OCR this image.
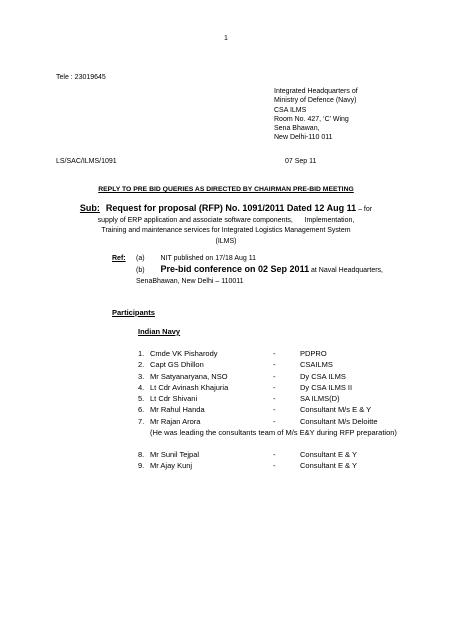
1
Tele : 23019645
Integrated Headquarters of
Ministry of Defence (Navy)
CSA ILMS
Room No. 427, ‘C’ Wing
Sena Bhawan,
New Delhi-110 011
LS/SAC/ILMS/1091	07 Sep 11
REPLY TO PRE BID QUERIES AS DIRECTED BY CHAIRMAN PRE-BID MEETING
Sub: Request for proposal (RFP) No. 1091/2011 Dated 12 Aug 11 – for
supply of ERP application and associate software components,      Implementation,
Training and maintenance services for Integrated Logistics Management System
(ILMS)
Ref: (a) NIT published on 17/18 Aug 11
(b) Pre-bid conference on 02 Sep 2011 at Naval Headquarters,
SenaBhawan, New Delhi – 110011
Participants
Indian Navy
1. Cmde VK Pisharody	-	PDPRO
2. Capt GS Dhillon	-	CSAILMS
3. Mr Satyanaryana, NSO	-	Dy CSA ILMS
4. Lt Cdr Avinash Khajuria	-	Dy CSA ILMS II
5. Lt Cdr Shivani	-	SA ILMS(D)
6. Mr Rahul Handa	-	Consultant M/s E & Y
7. Mr Rajan Arora	-	Consultant M/s Deloitte
(He was leading the consultants team of M/s E&Y during RFP preparation)
8. Mr Sunil Tejpal	-	Consultant E & Y
9. Mr Ajay Kunj	-	Consultant E & Y
